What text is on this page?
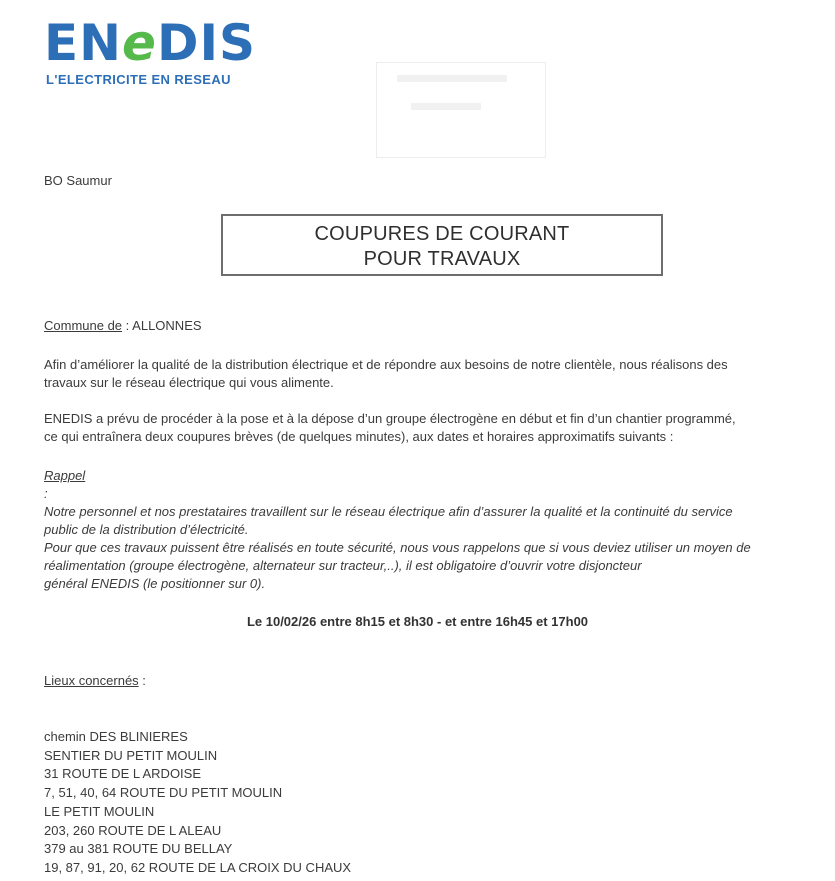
ENeDIS
L'ELECTRICITE EN RESEAU
BO Saumur
COUPURES DE COURANT
POUR TRAVAUX
Commune de : ALLONNES
Afin d’améliorer la qualité de la distribution électrique et de répondre aux besoins de notre clientèle, nous réalisons des
travaux sur le réseau électrique qui vous alimente.
ENEDIS a prévu de procéder à la pose et à la dépose d’un groupe électrogène en début et fin d’un chantier programmé,
ce qui entraînera deux coupures brèves (de quelques minutes), aux dates et horaires approximatifs suivants :
Rappel
:
Notre personnel et nos prestataires travaillent sur le réseau électrique afin d’assurer la qualité et la continuité du service
public de la distribution d’électricité.
Pour que ces travaux puissent être réalisés en toute sécurité, nous vous rappelons que si vous deviez utiliser un moyen de
réalimentation (groupe électrogène, alternateur sur tracteur,..), il est obligatoire d’ouvrir votre disjoncteur
général ENEDIS (le positionner sur 0).
Le 10/02/26 entre 8h15 et 8h30 - et entre 16h45 et 17h00
Lieux concernés :
chemin DES BLINIERES
SENTIER DU PETIT MOULIN
31 ROUTE DE L ARDOISE
7, 51, 40, 64 ROUTE DU PETIT MOULIN
LE PETIT MOULIN
203, 260 ROUTE DE L ALEAU
379 au 381 ROUTE DU BELLAY
19, 87, 91, 20, 62 ROUTE DE LA CROIX DU CHAUX
